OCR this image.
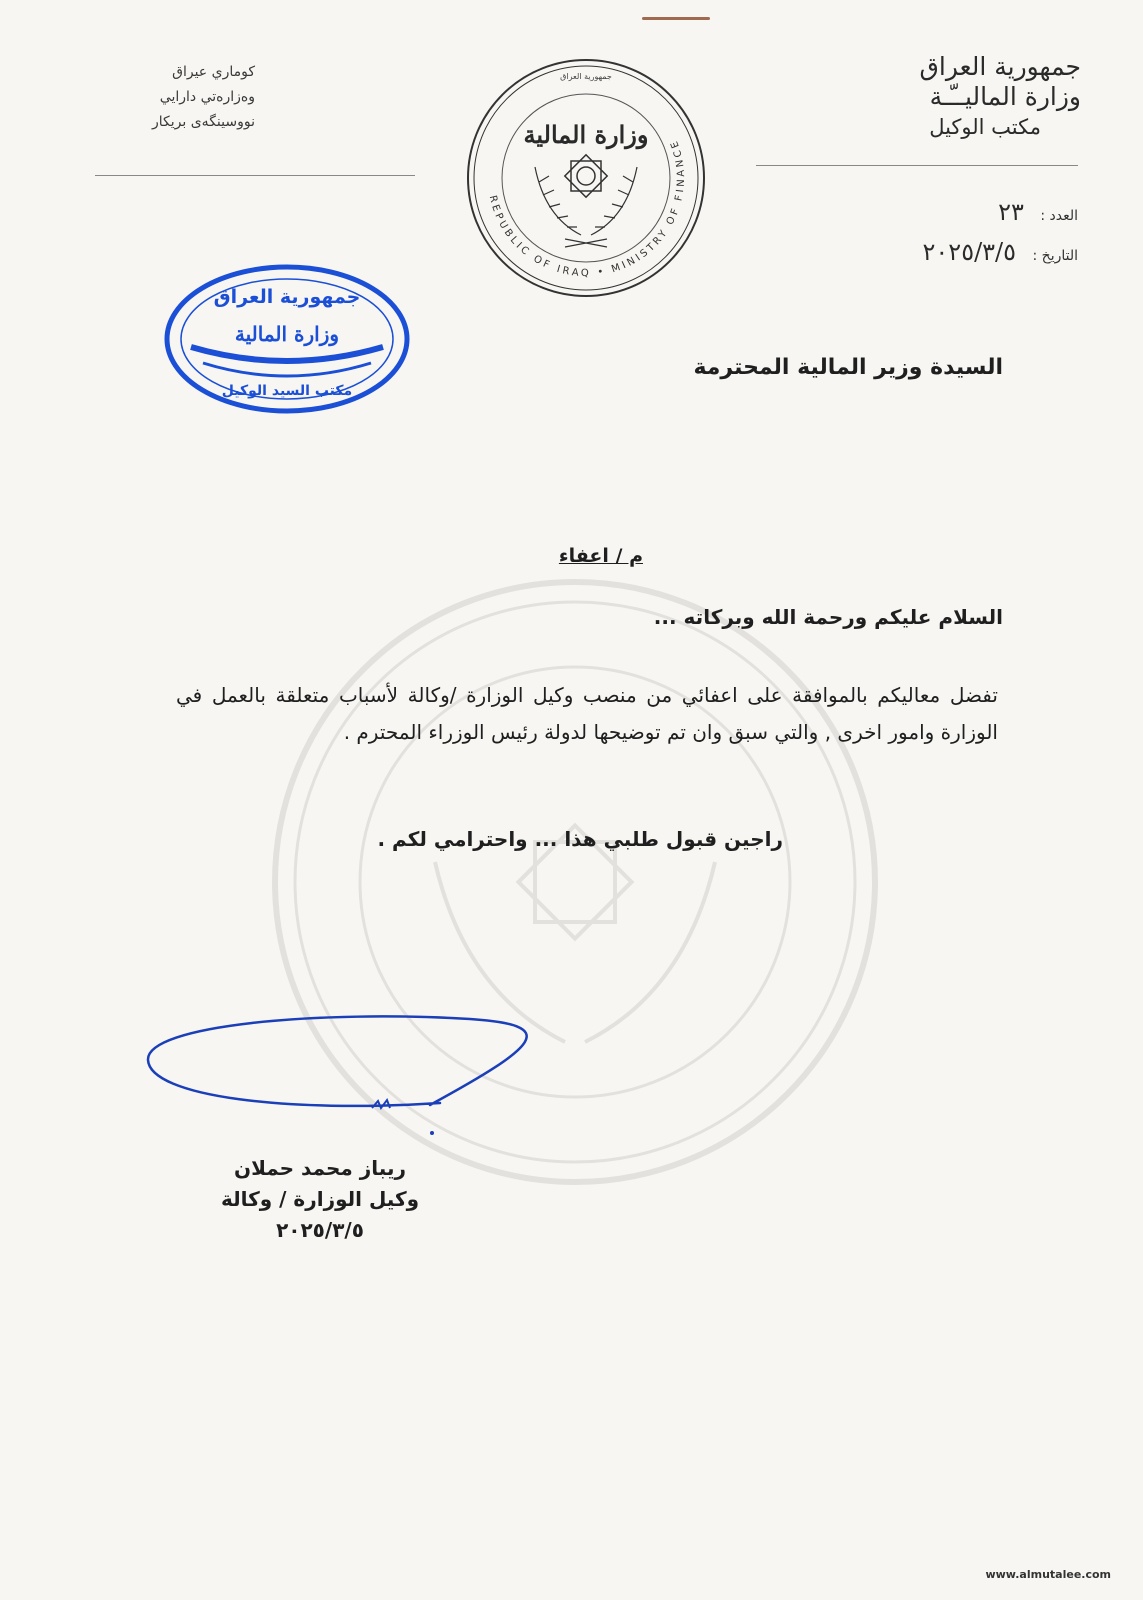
جمهورية العراق
وزارة الماليــّـة
مكتب الوكيل
كوماري عيراق
وەزارەتي دارايي
نووسينگەى بريكار
REPUBLIC OF IRAQ • MINISTRY OF FINANCE
جمهورية العراق
وزارة المالية
جمهورية العراق
وزارة المالية
مكتب السيد الوكيل
العدد : ٢٣
التاريخ : ٢٠٢٥/٣/٥
السيدة وزير المالية المحترمة
م / اعفاء
السلام عليكم ورحمة الله وبركاته ...
تفضل معاليكم بالموافقة على اعفائي من منصب وكيل الوزارة /وكالة لأسباب متعلقة بالعمل في الوزارة وامور اخرى , والتي سبق وان تم توضيحها لدولة رئيس الوزراء المحترم .
راجين قبول طلبي هذا ... واحترامي لكم .
ريباز محمد حملان
وكيل الوزارة / وكالة
٢٠٢٥/٣/٥
www.almutalee.com
